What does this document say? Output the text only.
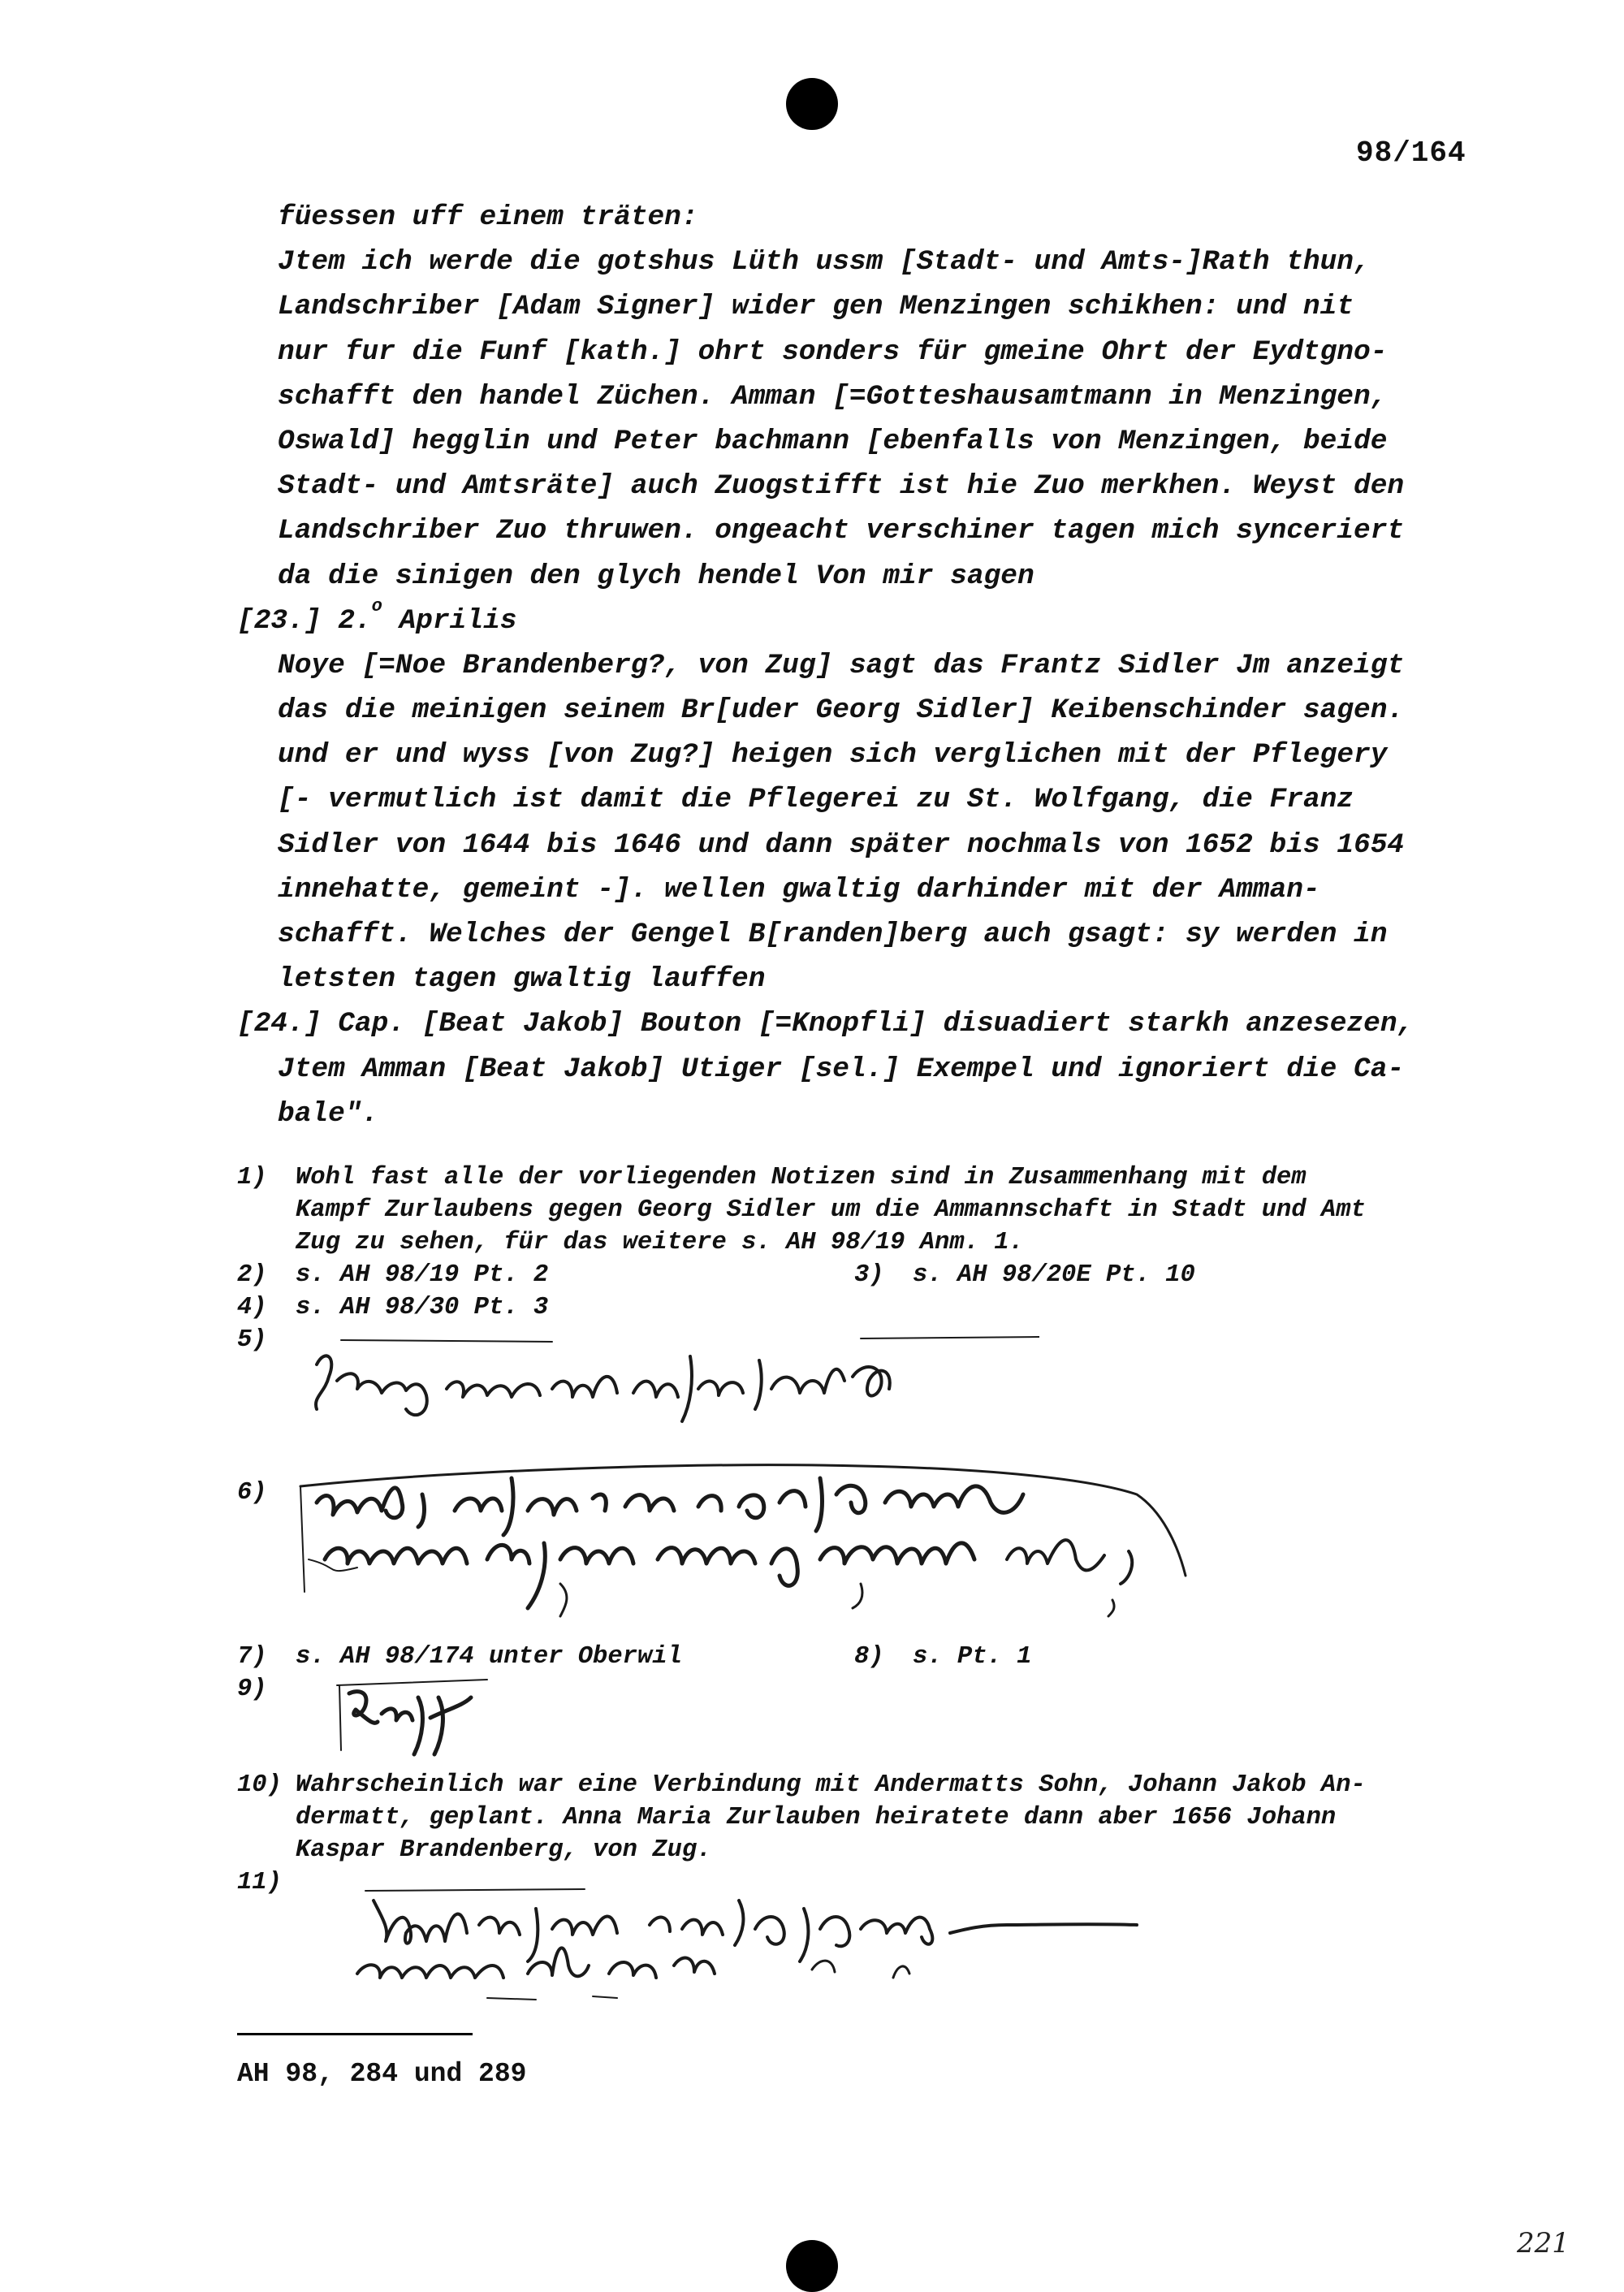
98/164
füessen uff einem träten:
Jtem ich werde die gotshus Lüth ussm [Stadt- und Amts-]Rath thun,
Landschriber [Adam Signer] wider gen Menzingen schikhen: und nit
nur fur die Funf [kath.] ohrt sonders für gmeine Ohrt der Eydtgno-
schafft den handel Züchen. Amman [=Gotteshausamtmann in Menzingen,
Oswald] hegglin und Peter bachmann [ebenfalls von Menzingen, beide
Stadt- und Amtsräte] auch Zuogstifft ist hie Zuo merkhen. Weyst den
Landschriber Zuo thruwen. ongeacht verschiner tagen mich synceriert
da die sinigen den glych hendel Von mir sagen
[23.] 2.$^o$ Aprilis
Noye [=Noe Brandenberg?, von Zug] sagt das Frantz Sidler Jm anzeigt
das die meinigen seinem Br[uder Georg Sidler] Keibenschinder sagen.
und er und wyss [von Zug?] heigen sich verglichen mit der Pflegery
[- vermutlich ist damit die Pflegerei zu St. Wolfgang, die Franz
Sidler von 1644 bis 1646 und dann später nochmals von 1652 bis 1654
innehatte, gemeint -]. wellen gwaltig darhinder mit der Amman-
schafft. Welches der Gengel B[randen]berg auch gsagt: sy werden in
letsten tagen gwaltig lauffen
[24.] Cap. [Beat Jakob] Bouton [=Knopfli] disuadiert starkh anzesezen,
Jtem Amman [Beat Jakob] Utiger [sel.] Exempel und ignoriert die Ca-
bale".
1) Wohl fast alle der vorliegenden Notizen sind in Zusammenhang mit dem
Kampf Zurlaubens gegen Georg Sidler um die Ammannschaft in Stadt und Amt
Zug zu sehen, für das weitere s. AH 98/19 Anm. 1.
2) s. AH 98/19 Pt. 2	3) s. AH 98/20E Pt. 10
4) s. AH 98/30 Pt. 3
5)
6)
7) s. AH 98/174 unter Oberwil	8) s. Pt. 1
9)
10) Wahrscheinlich war eine Verbindung mit Andermatts Sohn, Johann Jakob An-
dermatt, geplant. Anna Maria Zurlauben heiratete dann aber 1656 Johann
Kaspar Brandenberg, von Zug.
11)
AH 98, 284 und 289
221
